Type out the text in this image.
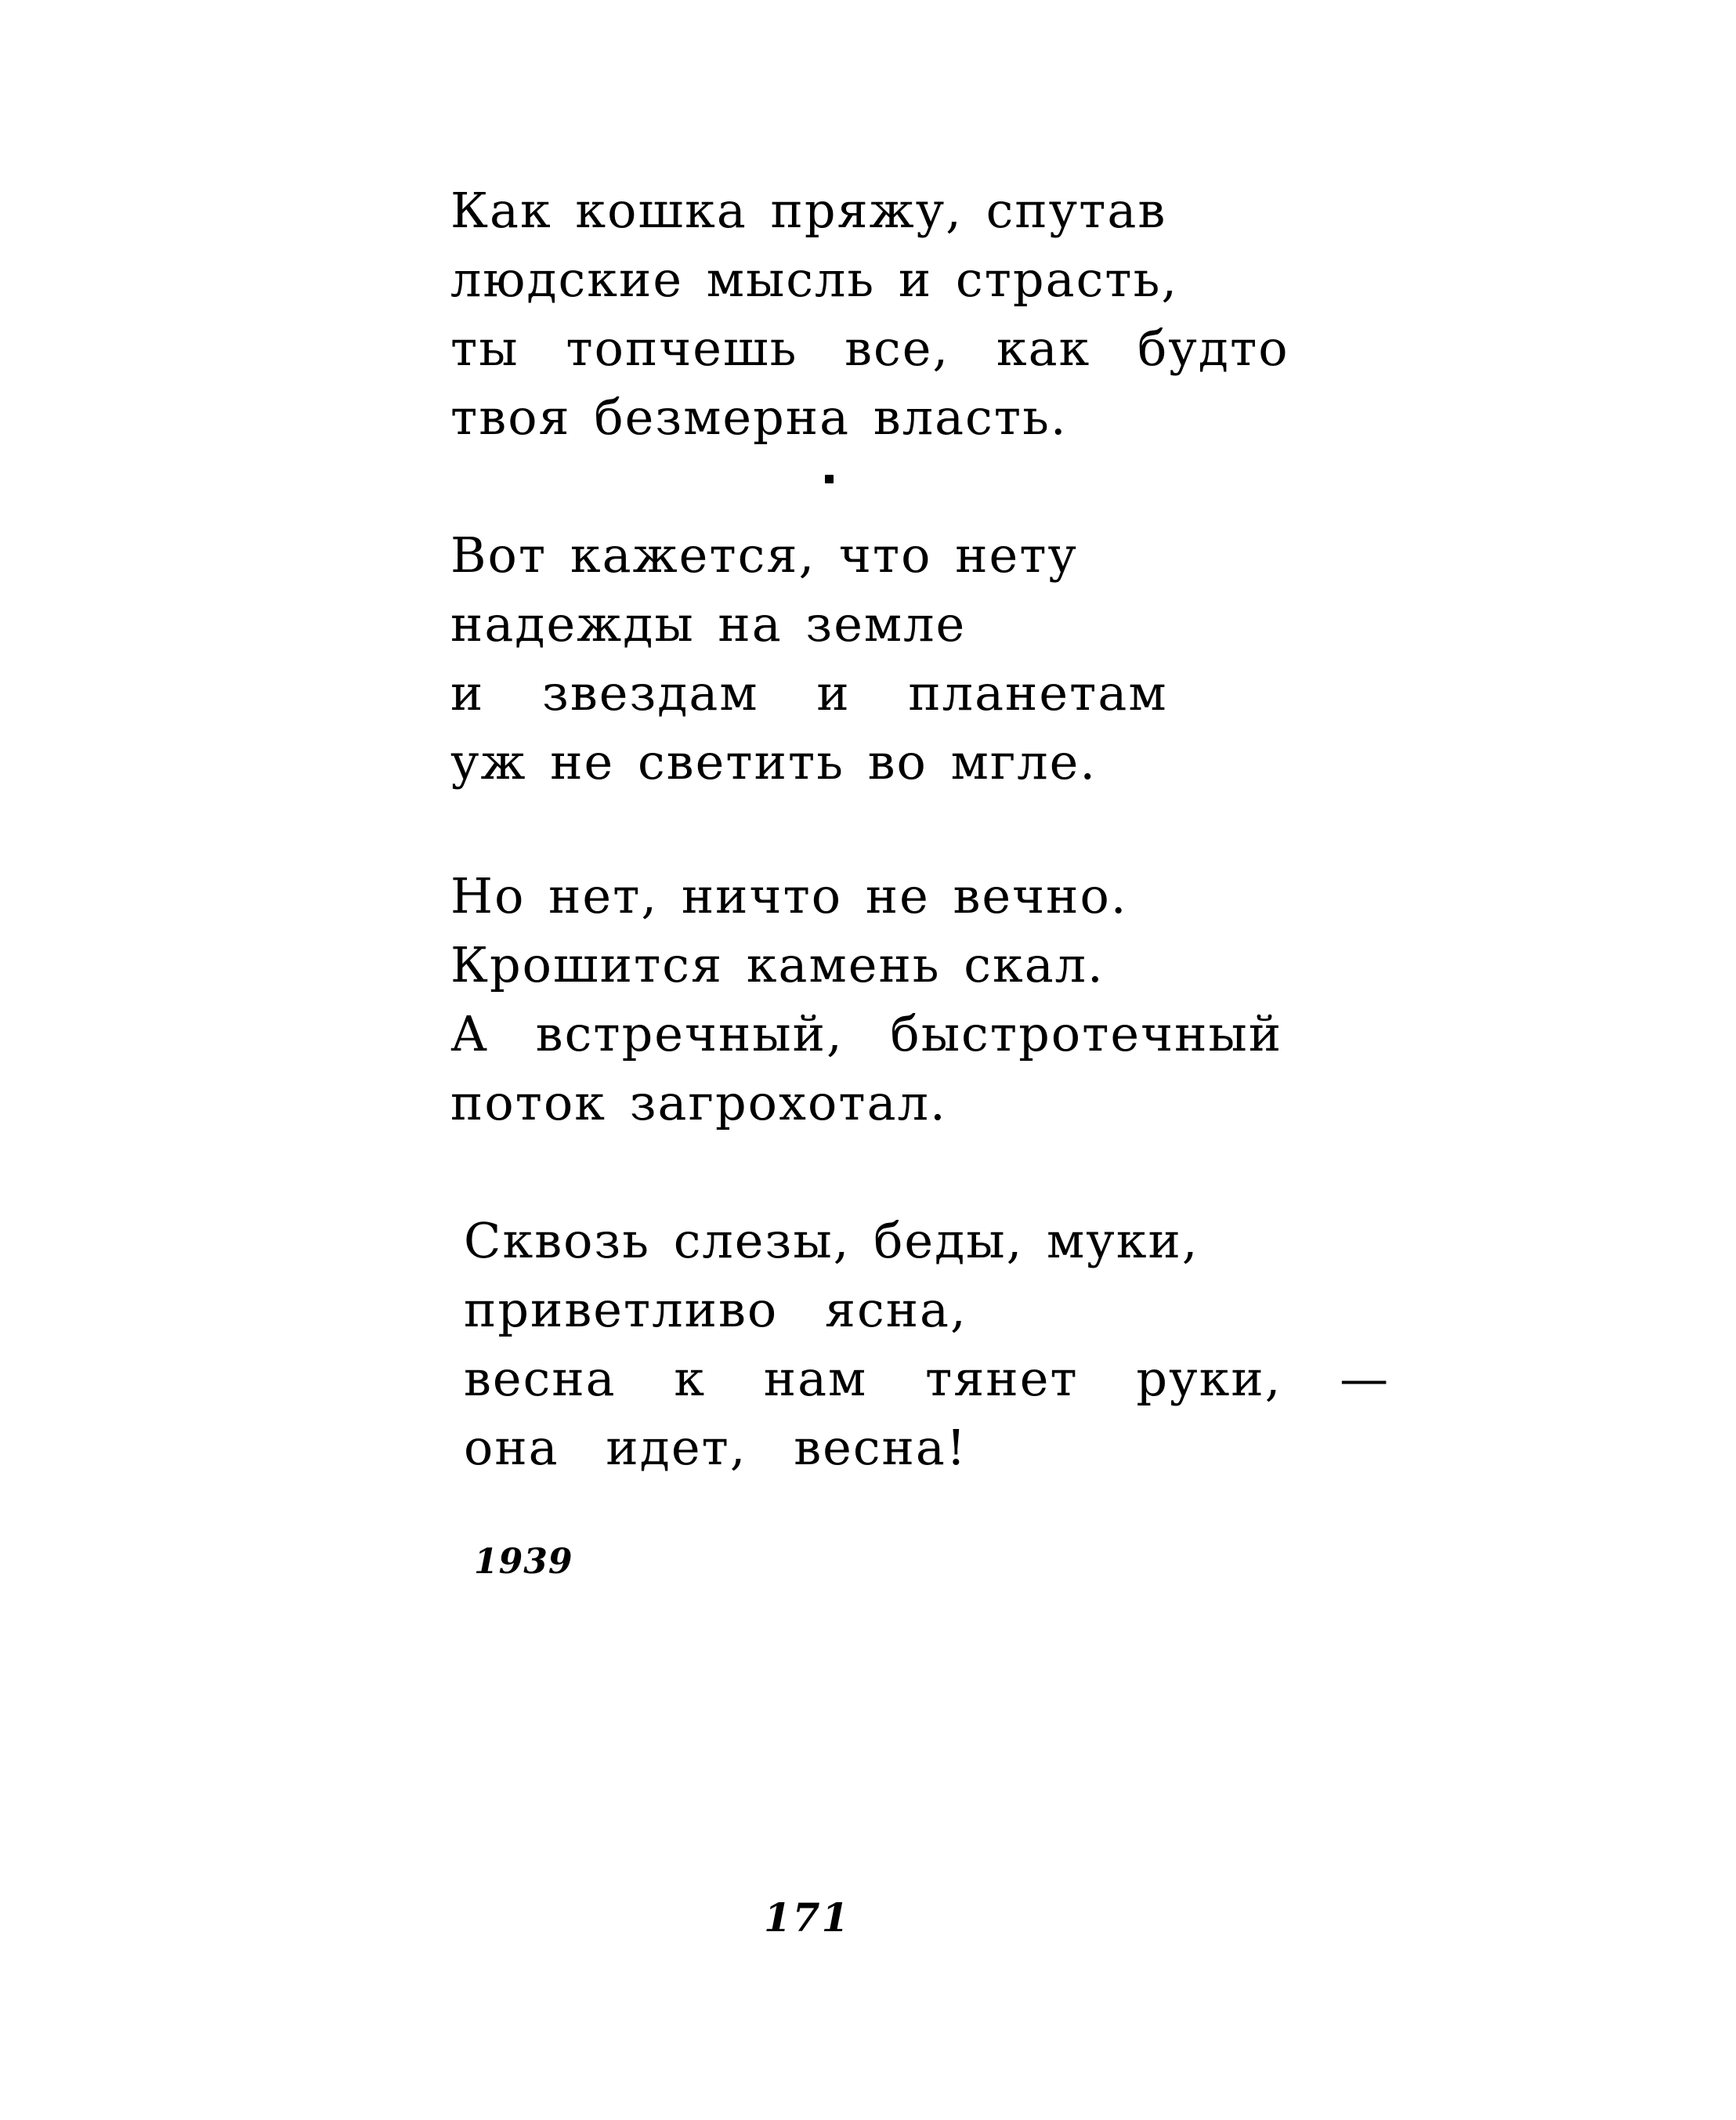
Как кошка пряжу, спутав
людские мысль и страсть,
ты топчешь все, как будто
твоя безмерна власть.
Вот кажется, что нету
надежды на земле
и звездам и планетам
уж не светить во мгле.
Но нет, ничто не вечно.
Крошится камень скал.
А встречный, быстротечный
поток загрохотал.
Сквозь слезы, беды, муки,
приветливо ясна,
весна к нам тянет руки, —
она идет, весна!
1939
171
